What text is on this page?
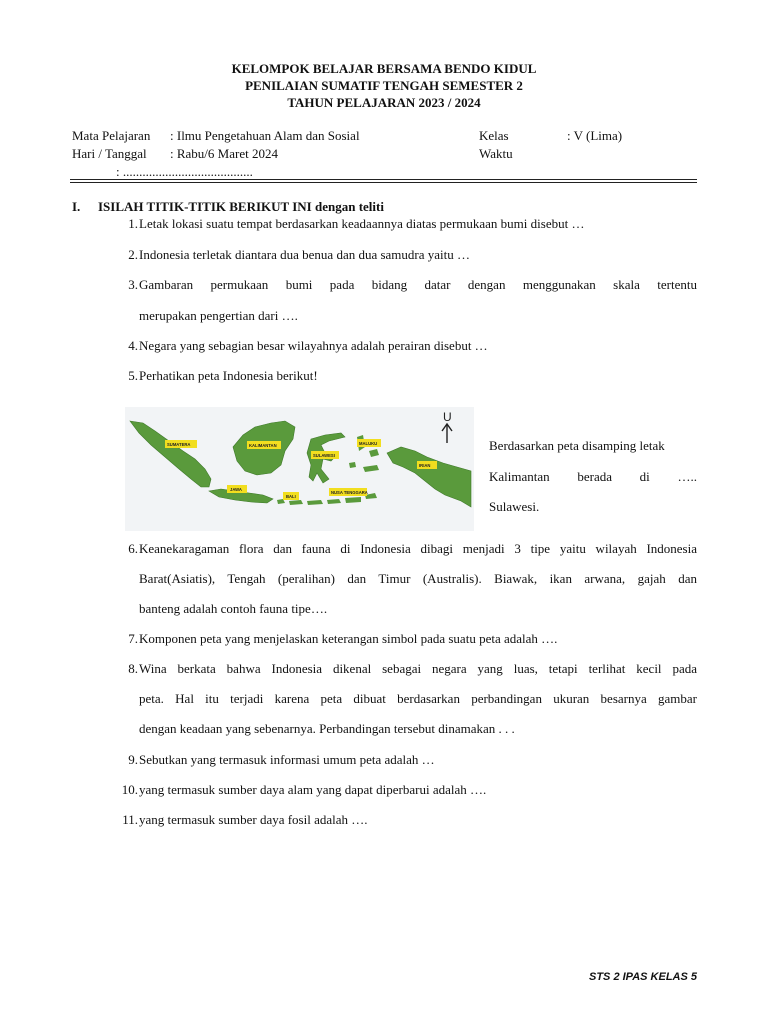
KELOMPOK BELAJAR BERSAMA BENDO KIDUL
PENILAIAN SUMATIF TENGAH SEMESTER 2
TAHUN PELAJARAN 2023 / 2024
Mata Pelajaran : Ilmu Pengetahuan Alam dan Sosial
Hari / Tanggal : Rabu/6 Maret 2024
Kelas	: V (Lima)
Waktu
: ........................................
I. ISILAH TITIK-TITIK BERIKUT INI dengan teliti
1. Letak lokasi suatu tempat berdasarkan keadaannya diatas permukaan bumi disebut …
2. Indonesia terletak diantara dua benua dan dua samudra yaitu …
3. Gambaran permukaan bumi pada bidang datar dengan menggunakan skala tertentu
merupakan pengertian dari ….
4. Negara yang sebagian besar wilayahnya adalah perairan disebut …
5. Perhatikan peta Indonesia berikut!
SUMATERA	KALIMANTAN
SULAWESI
MALUKU
IRIAN
JAWA
BALI
NUSA TENGGARA
U
Berdasarkan peta disamping letak
Kalimantan berada di …..
Sulawesi.
6. Keanekaragaman flora dan fauna di Indonesia dibagi menjadi 3 tipe yaitu wilayah Indonesia
Barat(Asiatis), Tengah (peralihan) dan Timur (Australis). Biawak, ikan arwana, gajah dan
banteng adalah contoh fauna tipe….
7. Komponen peta yang menjelaskan keterangan simbol pada suatu peta adalah ….
8. Wina berkata bahwa Indonesia dikenal sebagai negara yang luas, tetapi terlihat kecil pada
peta. Hal itu terjadi karena peta dibuat berdasarkan perbandingan ukuran besarnya gambar
dengan keadaan yang sebenarnya. Perbandingan tersebut dinamakan . . .
9. Sebutkan yang termasuk informasi umum peta adalah …
10. yang termasuk sumber daya alam yang dapat diperbarui adalah ….
11. yang termasuk sumber daya fosil adalah ….
STS 2 IPAS KELAS 5
